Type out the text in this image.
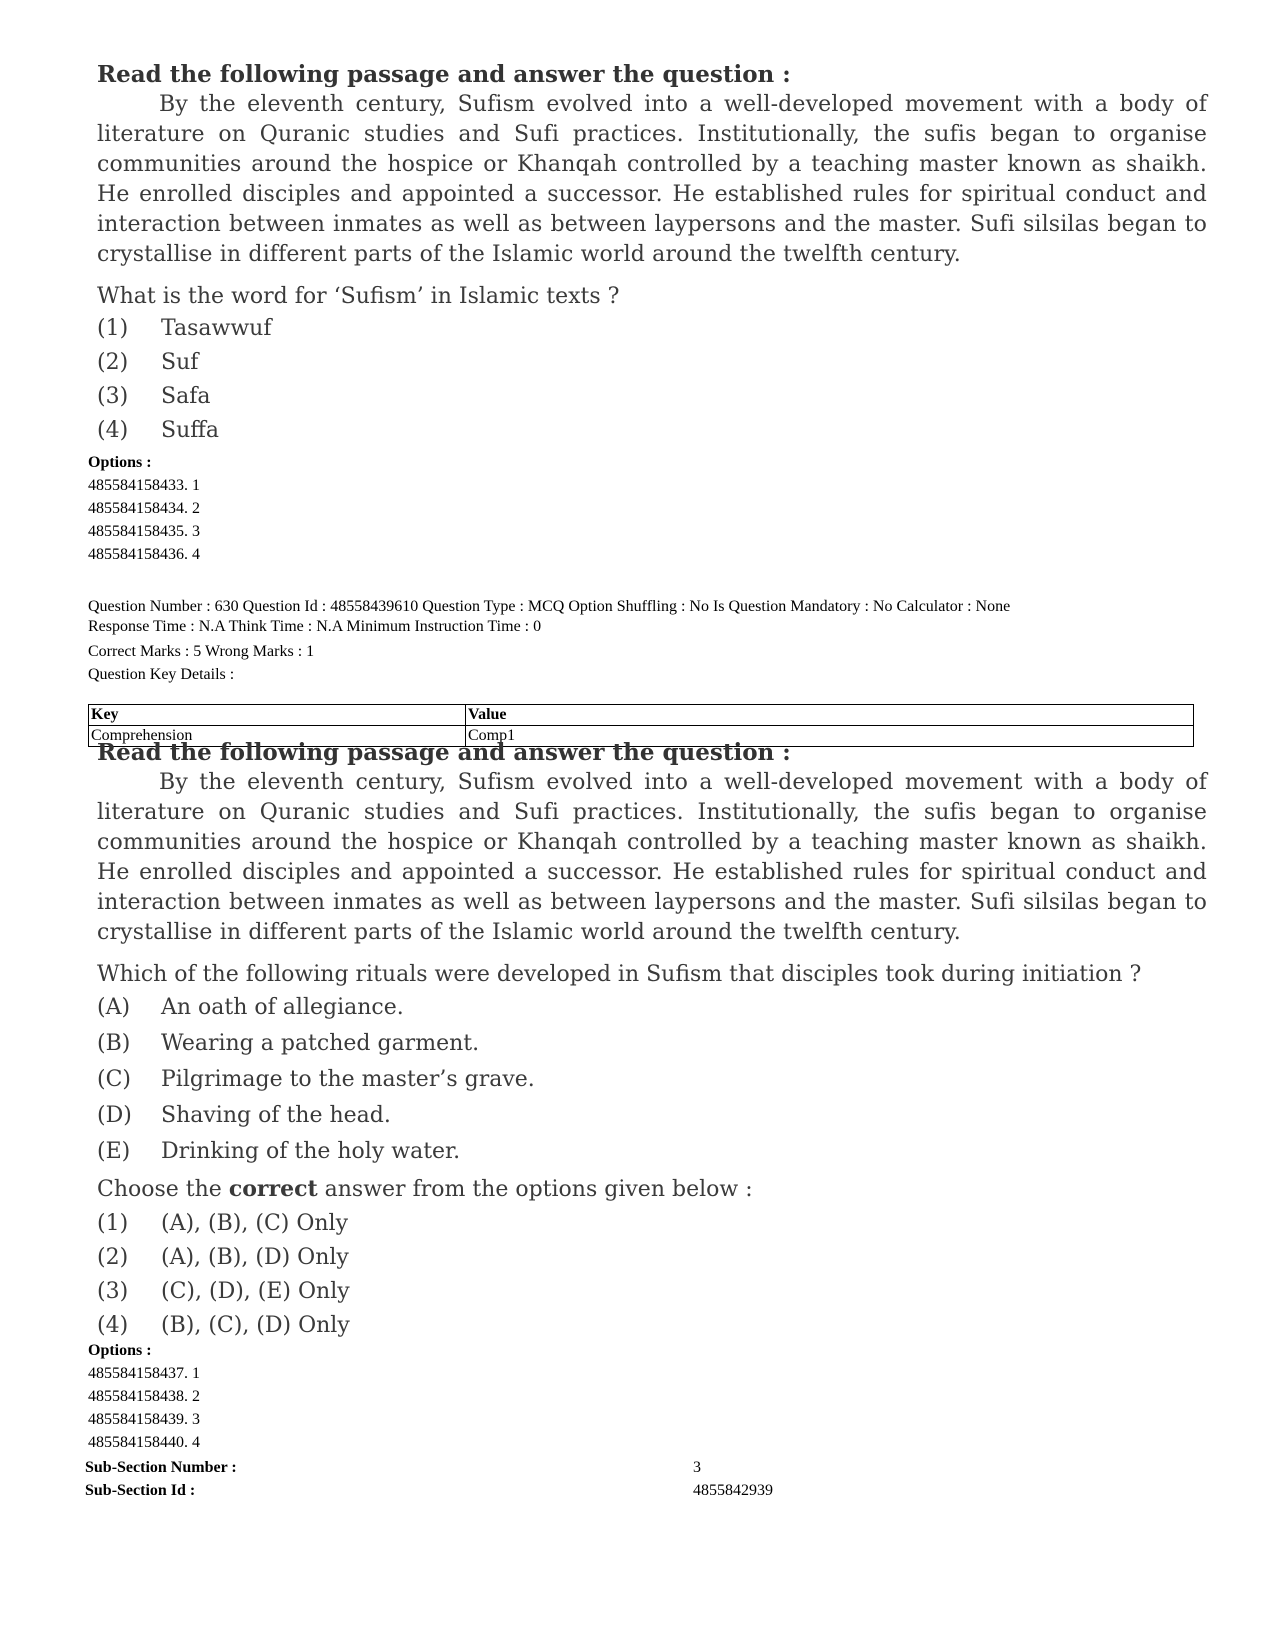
Read the following passage and answer the question :

By the eleventh century, Sufism evolved into a well-developed movement with a body of literature on Quranic studies and Sufi practices. Institutionally, the sufis began to organise communities around the hospice or Khanqah controlled by a teaching master known as shaikh. He enrolled disciples and appointed a successor. He established rules for spiritual conduct and interaction between inmates as well as between laypersons and the master. Sufi silsilas began to crystallise in different parts of the Islamic world around the twelfth century.

What is the word for ‘Sufism’ in Islamic texts ?

(1)	Tasawwuf
(2)	Suf
(3)	Safa
(4)	Suffa
Options :
485584158433. 1
485584158434. 2
485584158435. 3
485584158436. 4
Question Number : 630 Question Id : 48558439610 Question Type : MCQ Option Shuffling : No Is Question Mandatory : No Calculator : None
Response Time : N.A Think Time : N.A Minimum Instruction Time : 0
Correct Marks : 5 Wrong Marks : 1
Question Key Details :
Key	Value
Comprehension	Comp1

Read the following passage and answer the question :

By the eleventh century, Sufism evolved into a well-developed movement with a body of literature on Quranic studies and Sufi practices. Institutionally, the sufis began to organise communities around the hospice or Khanqah controlled by a teaching master known as shaikh. He enrolled disciples and appointed a successor. He established rules for spiritual conduct and interaction between inmates as well as between laypersons and the master. Sufi silsilas began to crystallise in different parts of the Islamic world around the twelfth century.

Which of the following rituals were developed in Sufism that disciples took during initiation ?

(A)	An oath of allegiance.
(B)	Wearing a patched garment.
(C)	Pilgrimage to the master’s grave.
(D)	Shaving of the head.
(E)	Drinking of the holy water.
Choose the correct answer from the options given below :
(1)	(A), (B), (C) Only
(2)	(A), (B), (D) Only
(3)	(C), (D), (E) Only
(4)	(B), (C), (D) Only
Options :
485584158437. 1
485584158438. 2
485584158439. 3
485584158440. 4
Sub-Section Number :	3
Sub-Section Id :	4855842939
